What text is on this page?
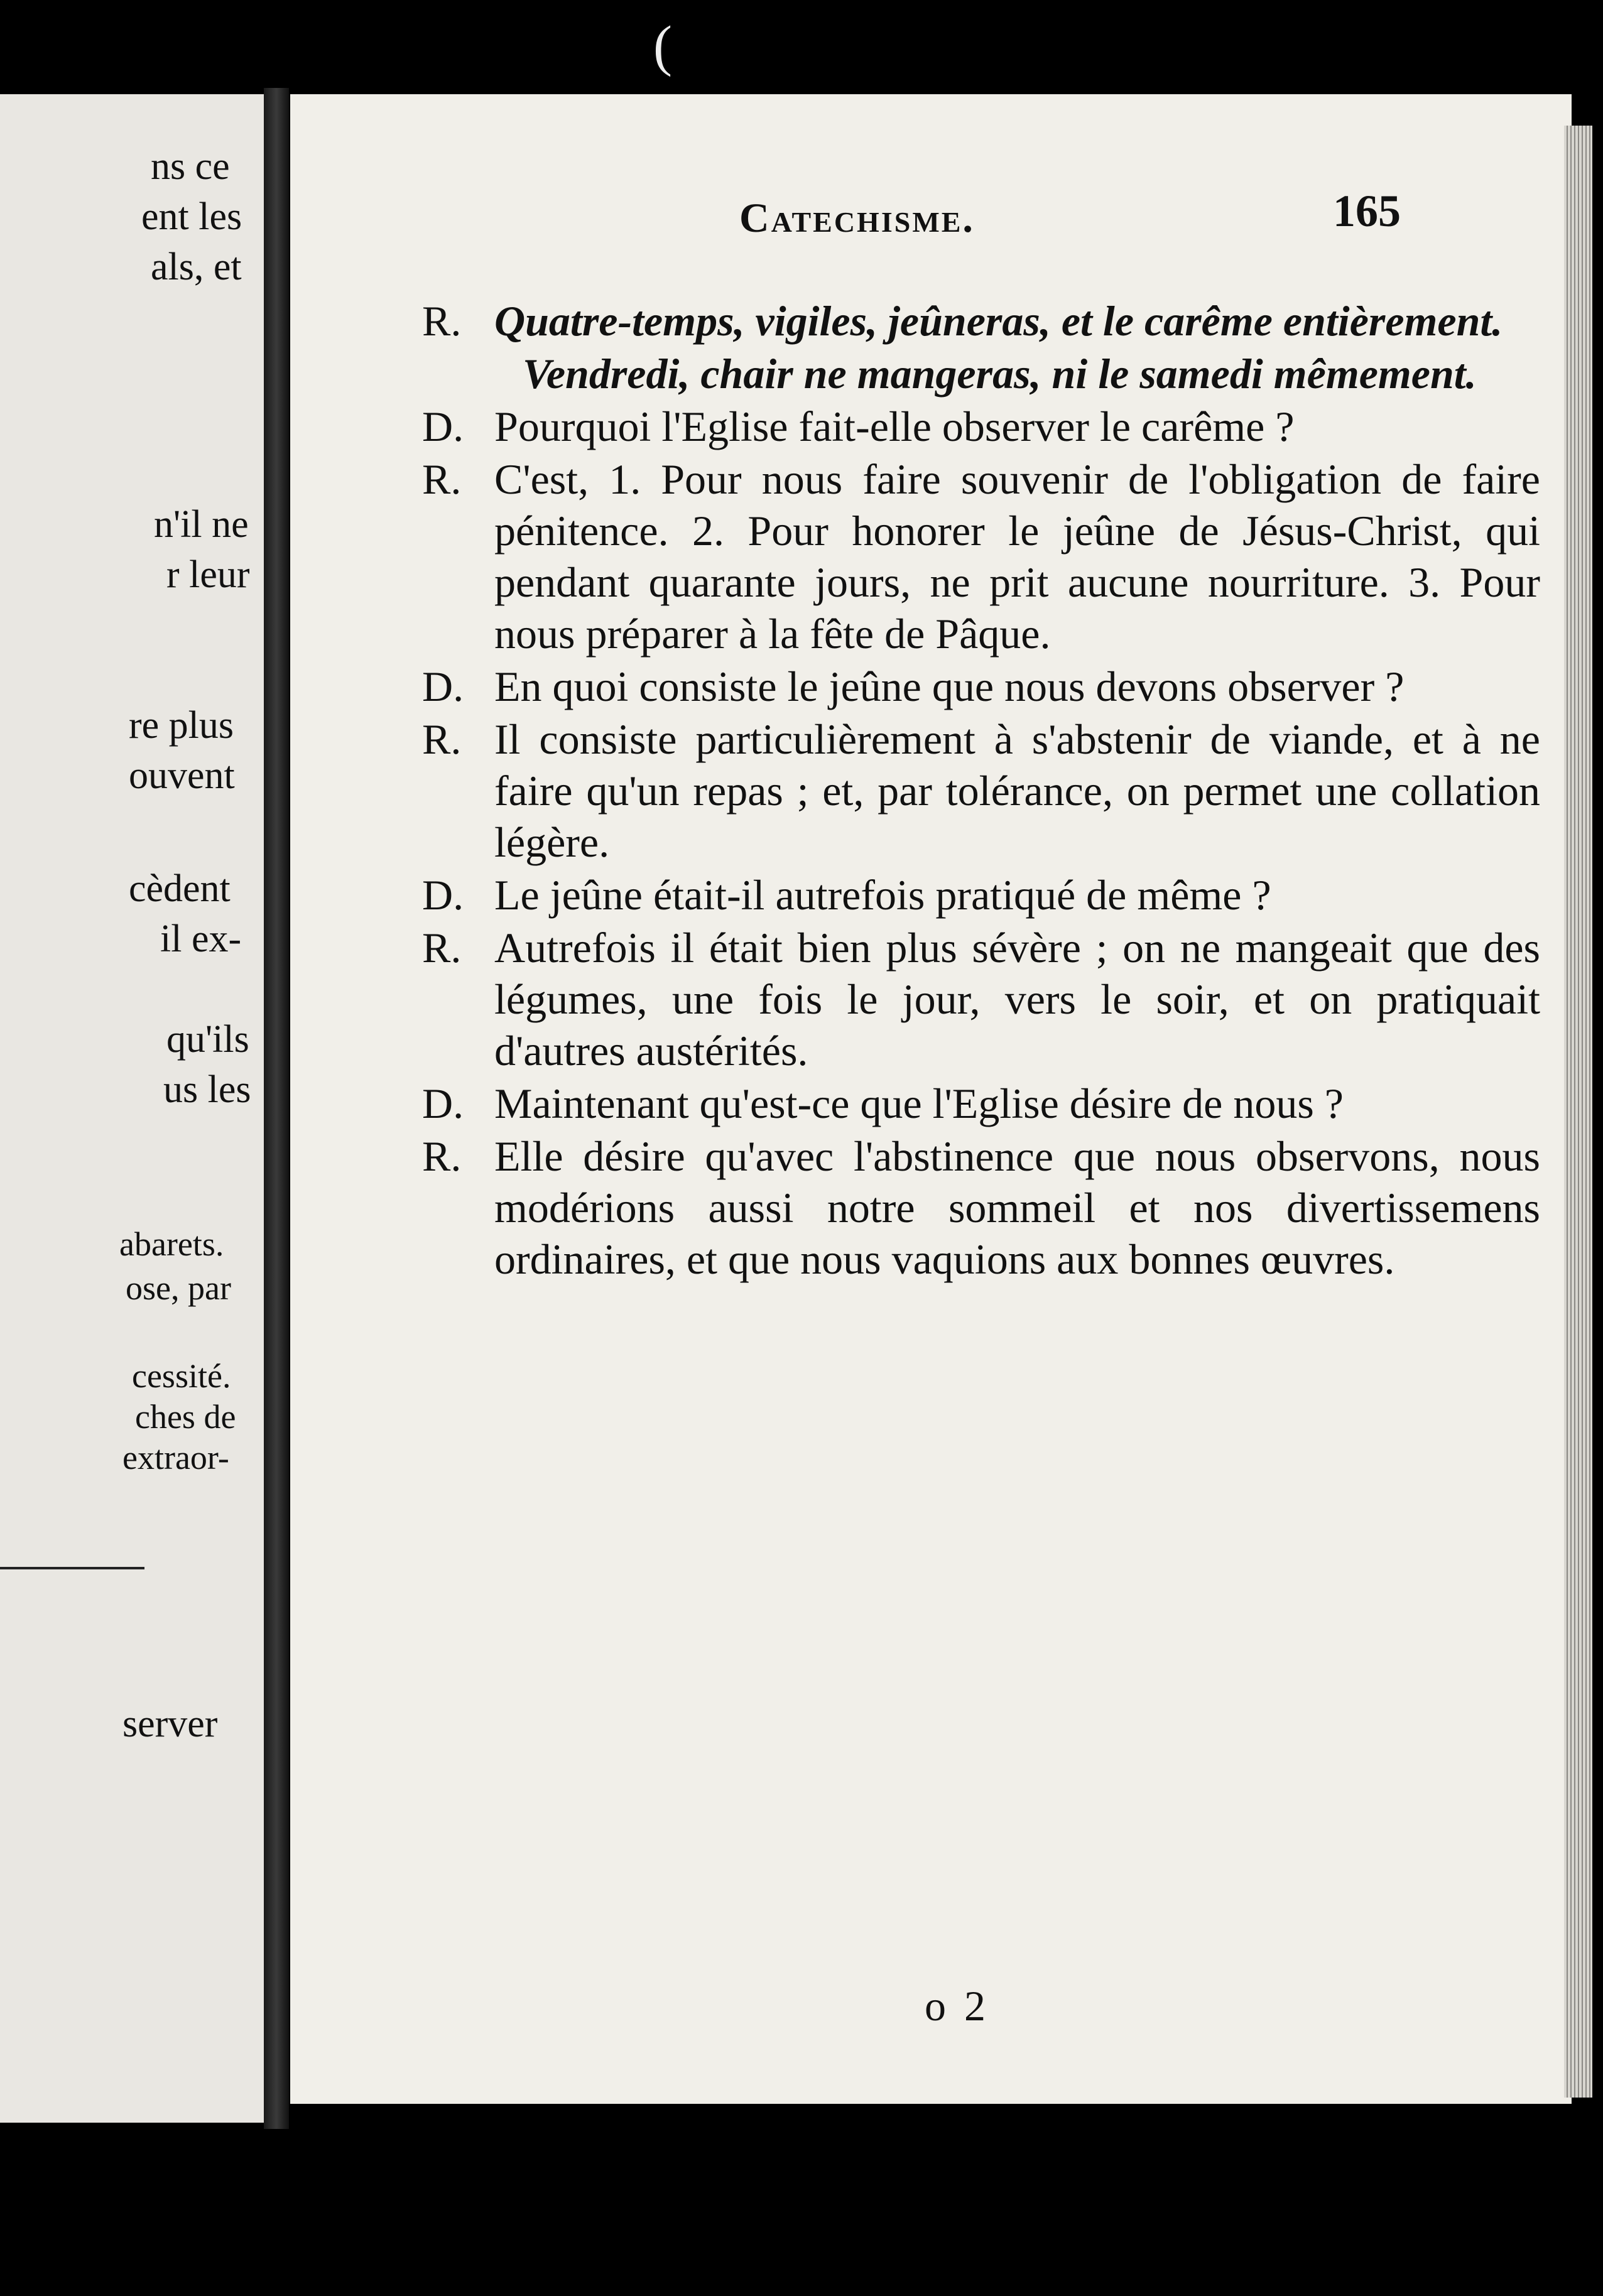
(
ns ce
ent les
als, et
n'il ne
r leur
re plus
ouvent
cèdent
il ex-
qu'ils
us les
abarets.
ose, par
cessité.
ches de
extraor-
server
Catechisme.	165
R. Quatre-temps, vigiles, jeûneras, et le carême entièrement.
Vendredi, chair ne mangeras, ni le samedi mêmement.
D. Pourquoi l'Eglise fait-elle observer le carême ?
R. C'est, 1. Pour nous faire souvenir de l'obligation de faire pénitence. 2. Pour honorer le jeûne de Jésus-Christ, qui pendant quarante jours, ne prit aucune nourriture. 3. Pour nous préparer à la fête de Pâque.
D. En quoi consiste le jeûne que nous devons observer ?
R. Il consiste particulièrement à s'abstenir de viande, et à ne faire qu'un repas ; et, par tolérance, on permet une collation légère.
D. Le jeûne était-il autrefois pratiqué de même ?
R. Autrefois il était bien plus sévère ; on ne mangeait que des légumes, une fois le jour, vers le soir, et on pratiquait d'autres austérités.
D. Maintenant qu'est-ce que l'Eglise désire de nous ?
R. Elle désire qu'avec l'abstinence que nous observons, nous modérions aussi notre sommeil et nos divertissemens ordinaires, et que nous vaquions aux bonnes œuvres.
o 2
